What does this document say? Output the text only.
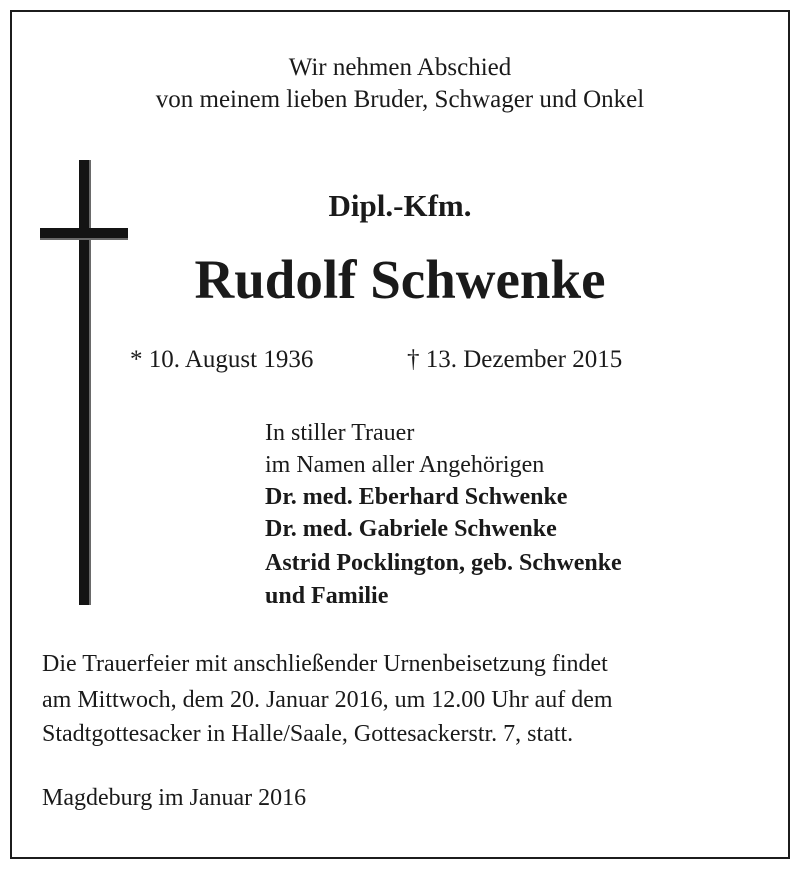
Wir nehmen Abschied
von meinem lieben Bruder, Schwager und Onkel
Dipl.-Kfm.
Rudolf Schwenke
* 10. August 1936	† 13. Dezember 2015
In stiller Trauer
im Namen aller Angehörigen
Dr. med. Eberhard Schwenke
Dr. med. Gabriele Schwenke
Astrid Pocklington, geb. Schwenke
und Familie
Die Trauerfeier mit anschließender Urnenbeisetzung findet
am Mittwoch, dem 20. Januar 2016, um 12.00 Uhr auf dem
Stadtgottesacker in Halle/Saale, Gottesackerstr. 7, statt.
Magdeburg im Januar 2016
